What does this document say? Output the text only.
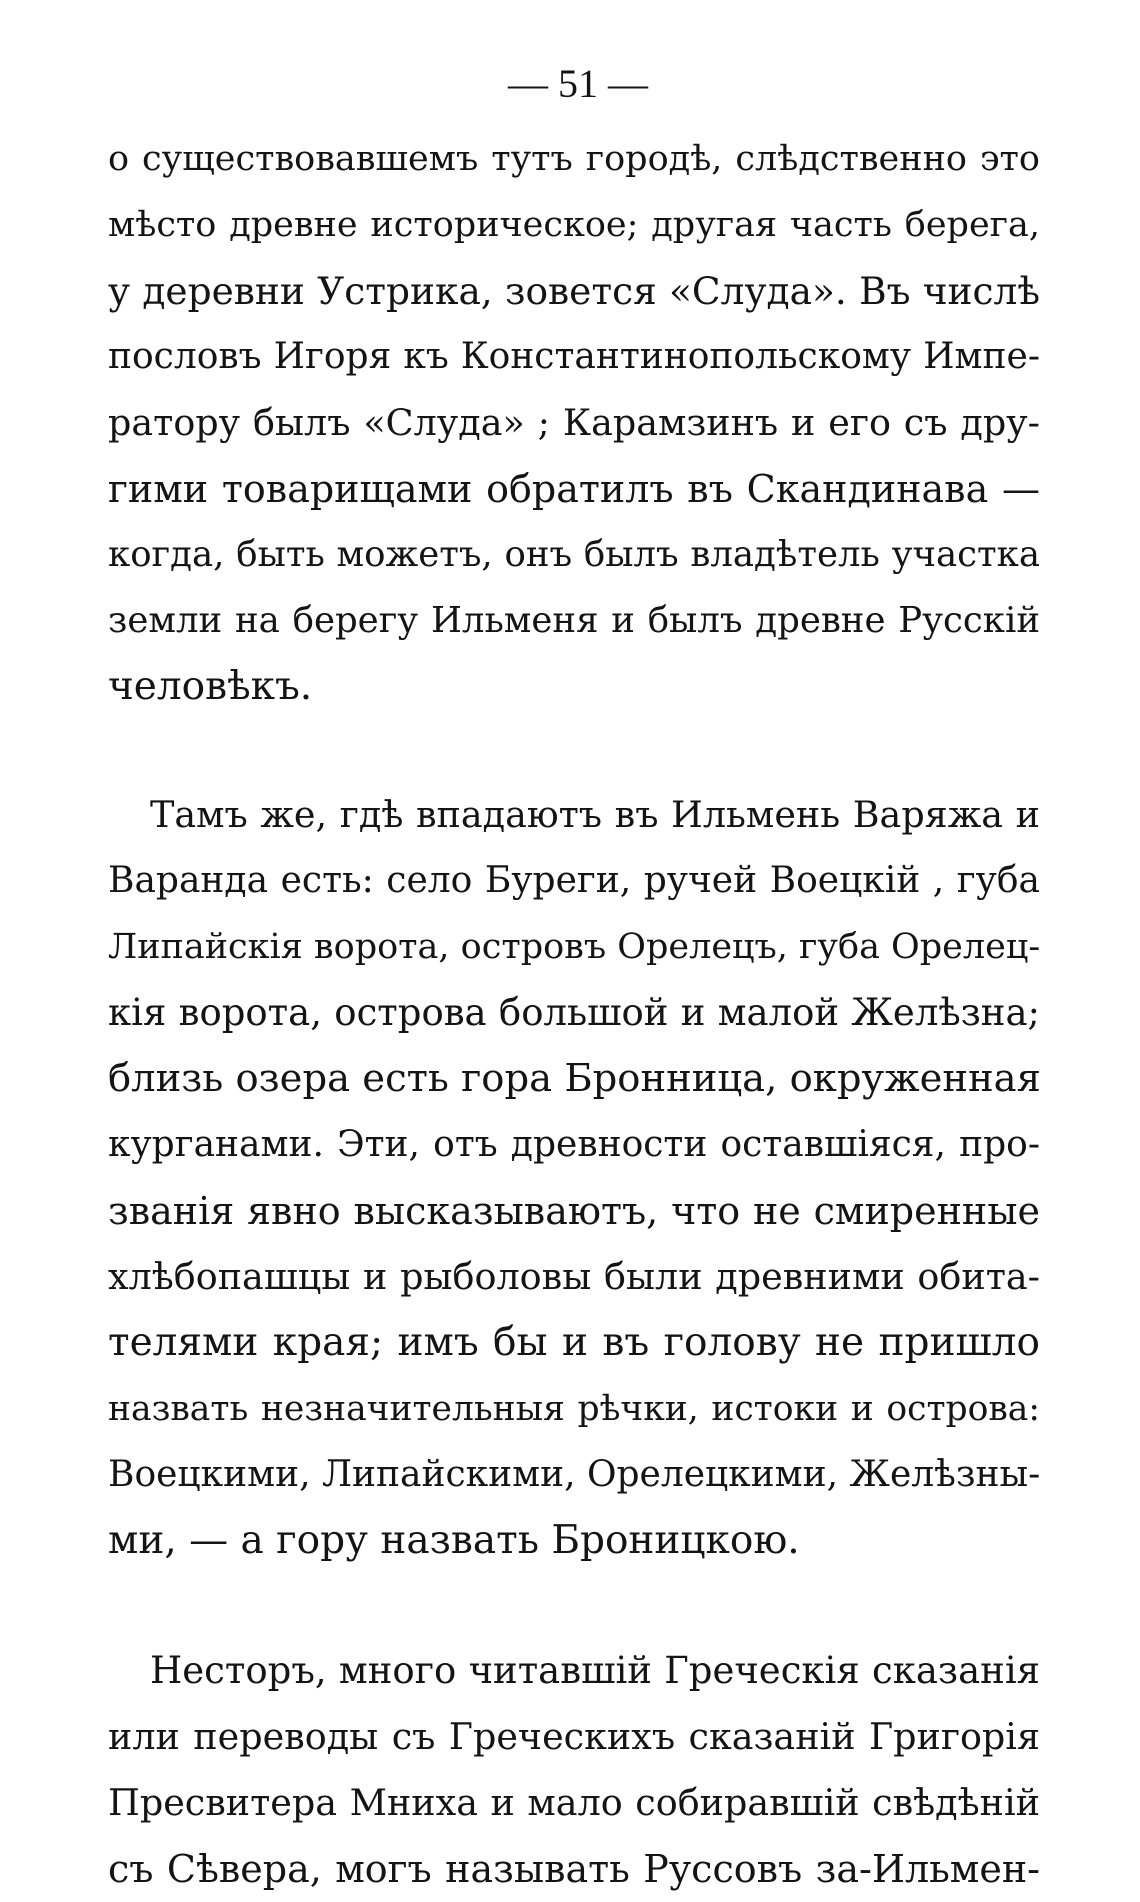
— 51 —

о существовавшемъ тутъ городѣ, слѣдственно это
мѣсто древне историческое; другая часть берега,
у деревни Устрика, зовется «Слуда». Въ числѣ
пословъ Игоря къ Константинопольскому Импе-
ратору былъ «Слуда» ; Карамзинъ и его съ дру-
гими товарищами обратилъ въ Скандинава —
когда, быть можетъ, онъ былъ владѣтель участка
земли на берегу Ильменя и былъ древне Русскій
человѣкъ.

Тамъ же, гдѣ впадаютъ въ Ильмень Варяжа и
Варанда есть: село Буреги, ручей Воецкій , губа
Липайскія ворота, островъ Орелецъ, губа Орелец-
кія ворота, острова большой и малой Желѣзна;
близь озера есть гора Бронница, окруженная
курганами. Эти, отъ древности оставшіяся, про-
званія явно высказываютъ, что не смиренные
хлѣбопашцы и рыболовы были древними обита-
телями края; имъ бы и въ голову не пришло
назвать незначительныя рѣчки, истоки и острова:
Воецкими, Липайскими, Орелецкими, Желѣзны-
ми, — а гору назвать Броницкою.

Несторъ, много читавшій Греческія сказанія
или переводы съ Греческихъ сказаній Григорія
Пресвитера Мниха и мало собиравшій свѣдѣній
съ Сѣвера, могъ называть Руссовъ за-Ильмен-
